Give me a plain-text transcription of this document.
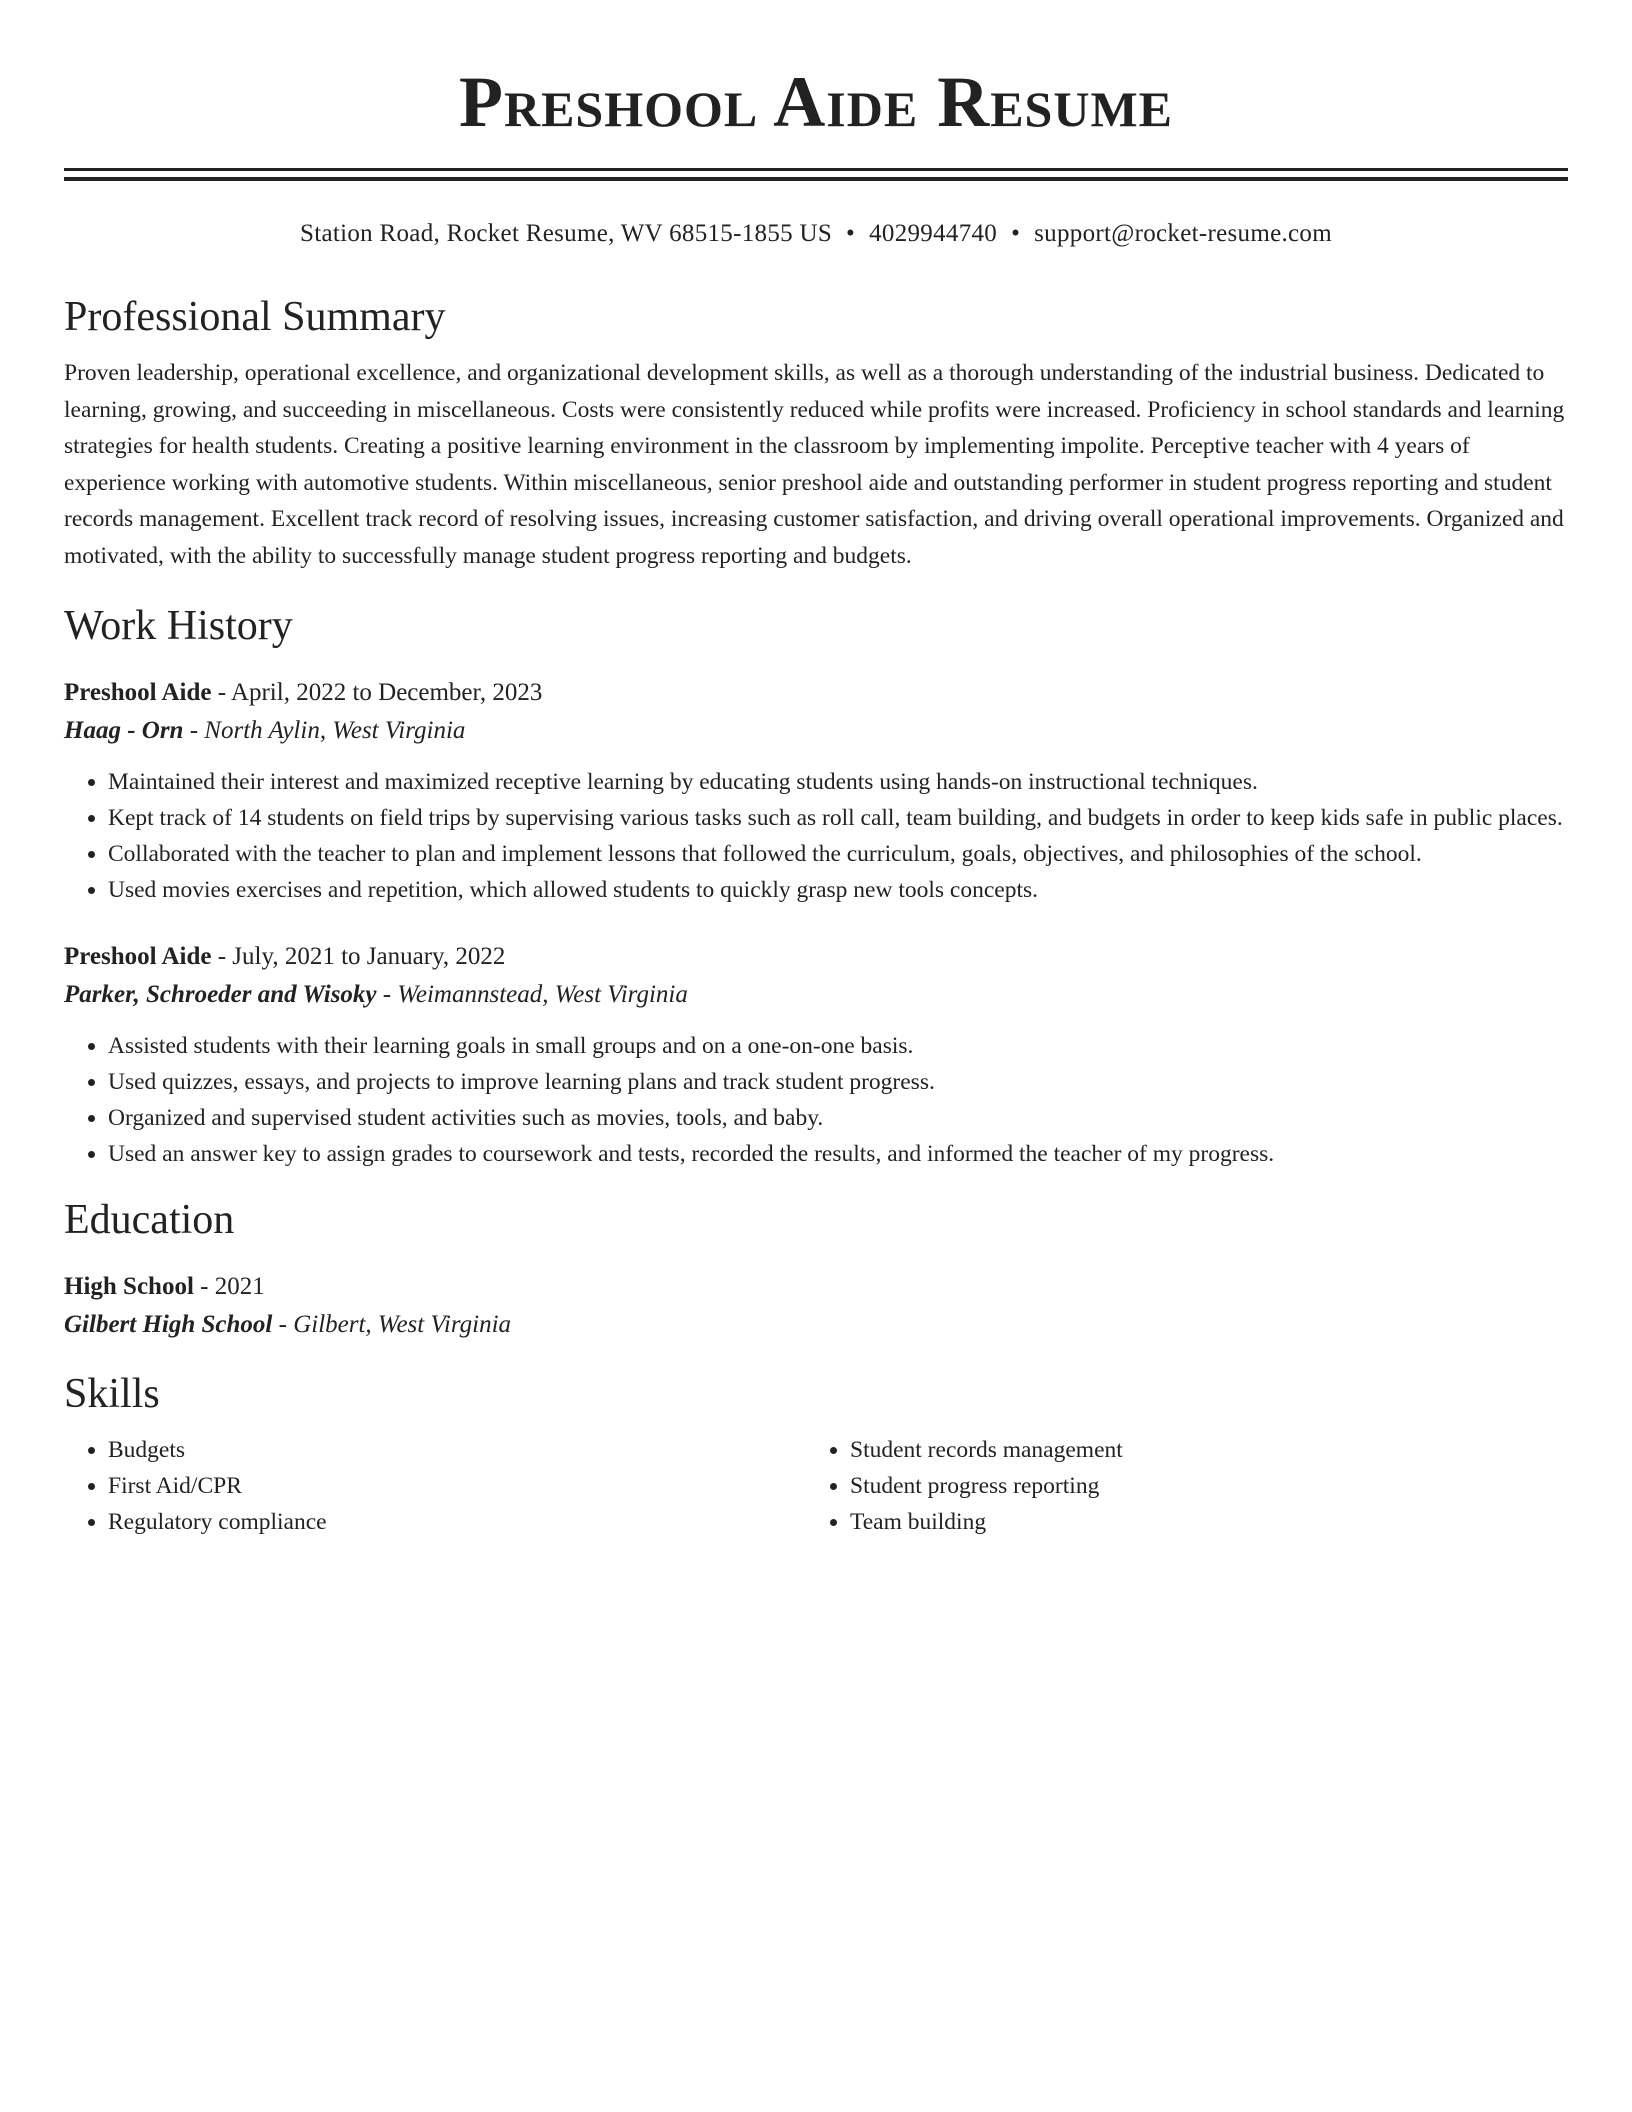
Preshool Aide Resume
Station Road, Rocket Resume, WV 68515-1855 US • 4029944740 • support@rocket-resume.com
Professional Summary
Proven leadership, operational excellence, and organizational development skills, as well as a thorough understanding of the industrial business. Dedicated to learning, growing, and succeeding in miscellaneous. Costs were consistently reduced while profits were increased. Proficiency in school standards and learning strategies for health students. Creating a positive learning environment in the classroom by implementing impolite. Perceptive teacher with 4 years of experience working with automotive students. Within miscellaneous, senior preshool aide and outstanding performer in student progress reporting and student records management. Excellent track record of resolving issues, increasing customer satisfaction, and driving overall operational improvements. Organized and motivated, with the ability to successfully manage student progress reporting and budgets.
Work History
Preshool Aide - April, 2022 to December, 2023
Haag - Orn - North Aylin, West Virginia
• Maintained their interest and maximized receptive learning by educating students using hands-on instructional techniques.
• Kept track of 14 students on field trips by supervising various tasks such as roll call, team building, and budgets in order to keep kids safe in public places.
• Collaborated with the teacher to plan and implement lessons that followed the curriculum, goals, objectives, and philosophies of the school.
• Used movies exercises and repetition, which allowed students to quickly grasp new tools concepts.
Preshool Aide - July, 2021 to January, 2022
Parker, Schroeder and Wisoky - Weimannstead, West Virginia
• Assisted students with their learning goals in small groups and on a one-on-one basis.
• Used quizzes, essays, and projects to improve learning plans and track student progress.
• Organized and supervised student activities such as movies, tools, and baby.
• Used an answer key to assign grades to coursework and tests, recorded the results, and informed the teacher of my progress.
Education
High School - 2021
Gilbert High School - Gilbert, West Virginia
Skills
• Budgets
• First Aid/CPR
• Regulatory compliance
• Student records management
• Student progress reporting
• Team building
